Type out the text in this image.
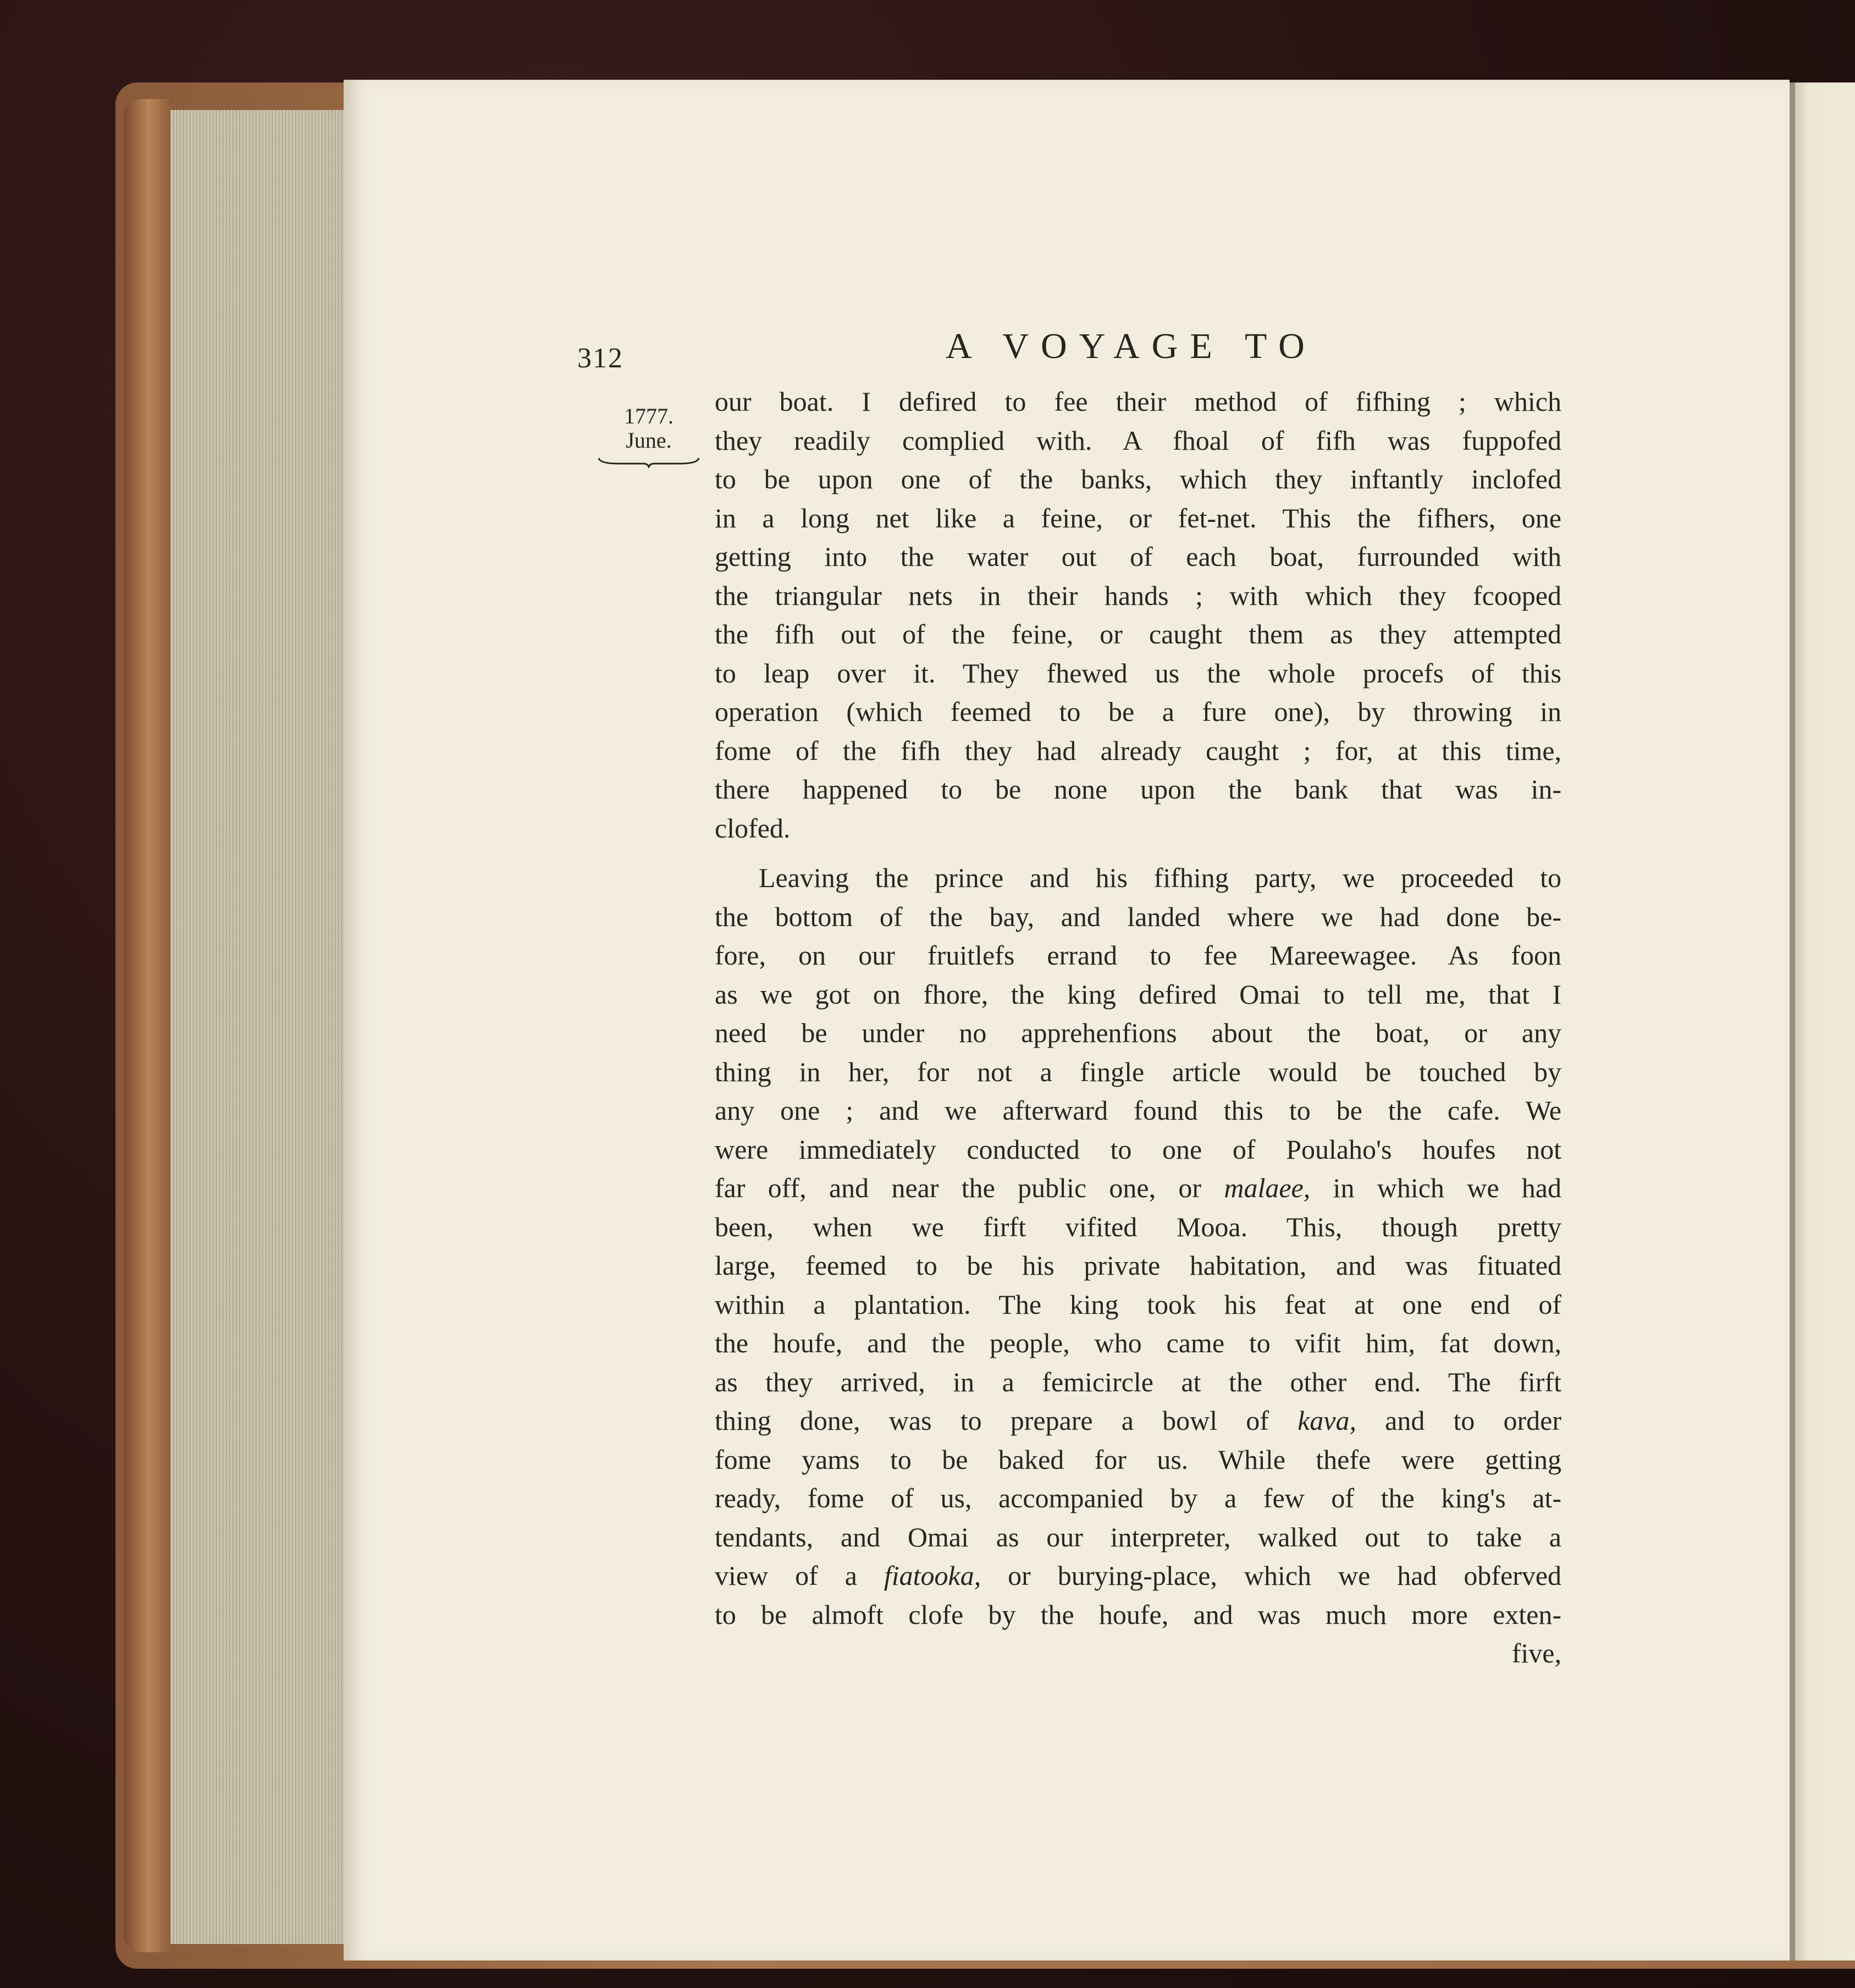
312	A VOYAGE TO
1777.
June.
our boat. I defired to fee their method of fifhing ; which
they readily complied with. A fhoal of fifh was fuppofed
to be upon one of the banks, which they inftantly inclofed
in a long net like a feine, or fet-net. This the fifhers, one
getting into the water out of each boat, furrounded with
the triangular nets in their hands ; with which they fcooped
the fifh out of the feine, or caught them as they attempted
to leap over it. They fhewed us the whole procefs of this
operation (which feemed to be a fure one), by throwing in
fome of the fifh they had already caught ; for, at this time,
there happened to be none upon the bank that was in-
clofed.
Leaving the prince and his fifhing party, we proceeded to
the bottom of the bay, and landed where we had done be-
fore, on our fruitlefs errand to fee Mareewagee. As foon
as we got on fhore, the king defired Omai to tell me, that I
need be under no apprehenfions about the boat, or any
thing in her, for not a fingle article would be touched by
any one ; and we afterward found this to be the cafe. We
were immediately conducted to one of Poulaho's houfes not
far off, and near the public one, or malaee, in which we had
been, when we firft vifited Mooa. This, though pretty
large, feemed to be his private habitation, and was fituated
within a plantation. The king took his feat at one end of
the houfe, and the people, who came to vifit him, fat down,
as they arrived, in a femicircle at the other end. The firft
thing done, was to prepare a bowl of kava, and to order
fome yams to be baked for us. While thefe were getting
ready, fome of us, accompanied by a few of the king's at-
tendants, and Omai as our interpreter, walked out to take a
view of a fiatooka, or burying-place, which we had obferved
to be almoft clofe by the houfe, and was much more exten-
five,
